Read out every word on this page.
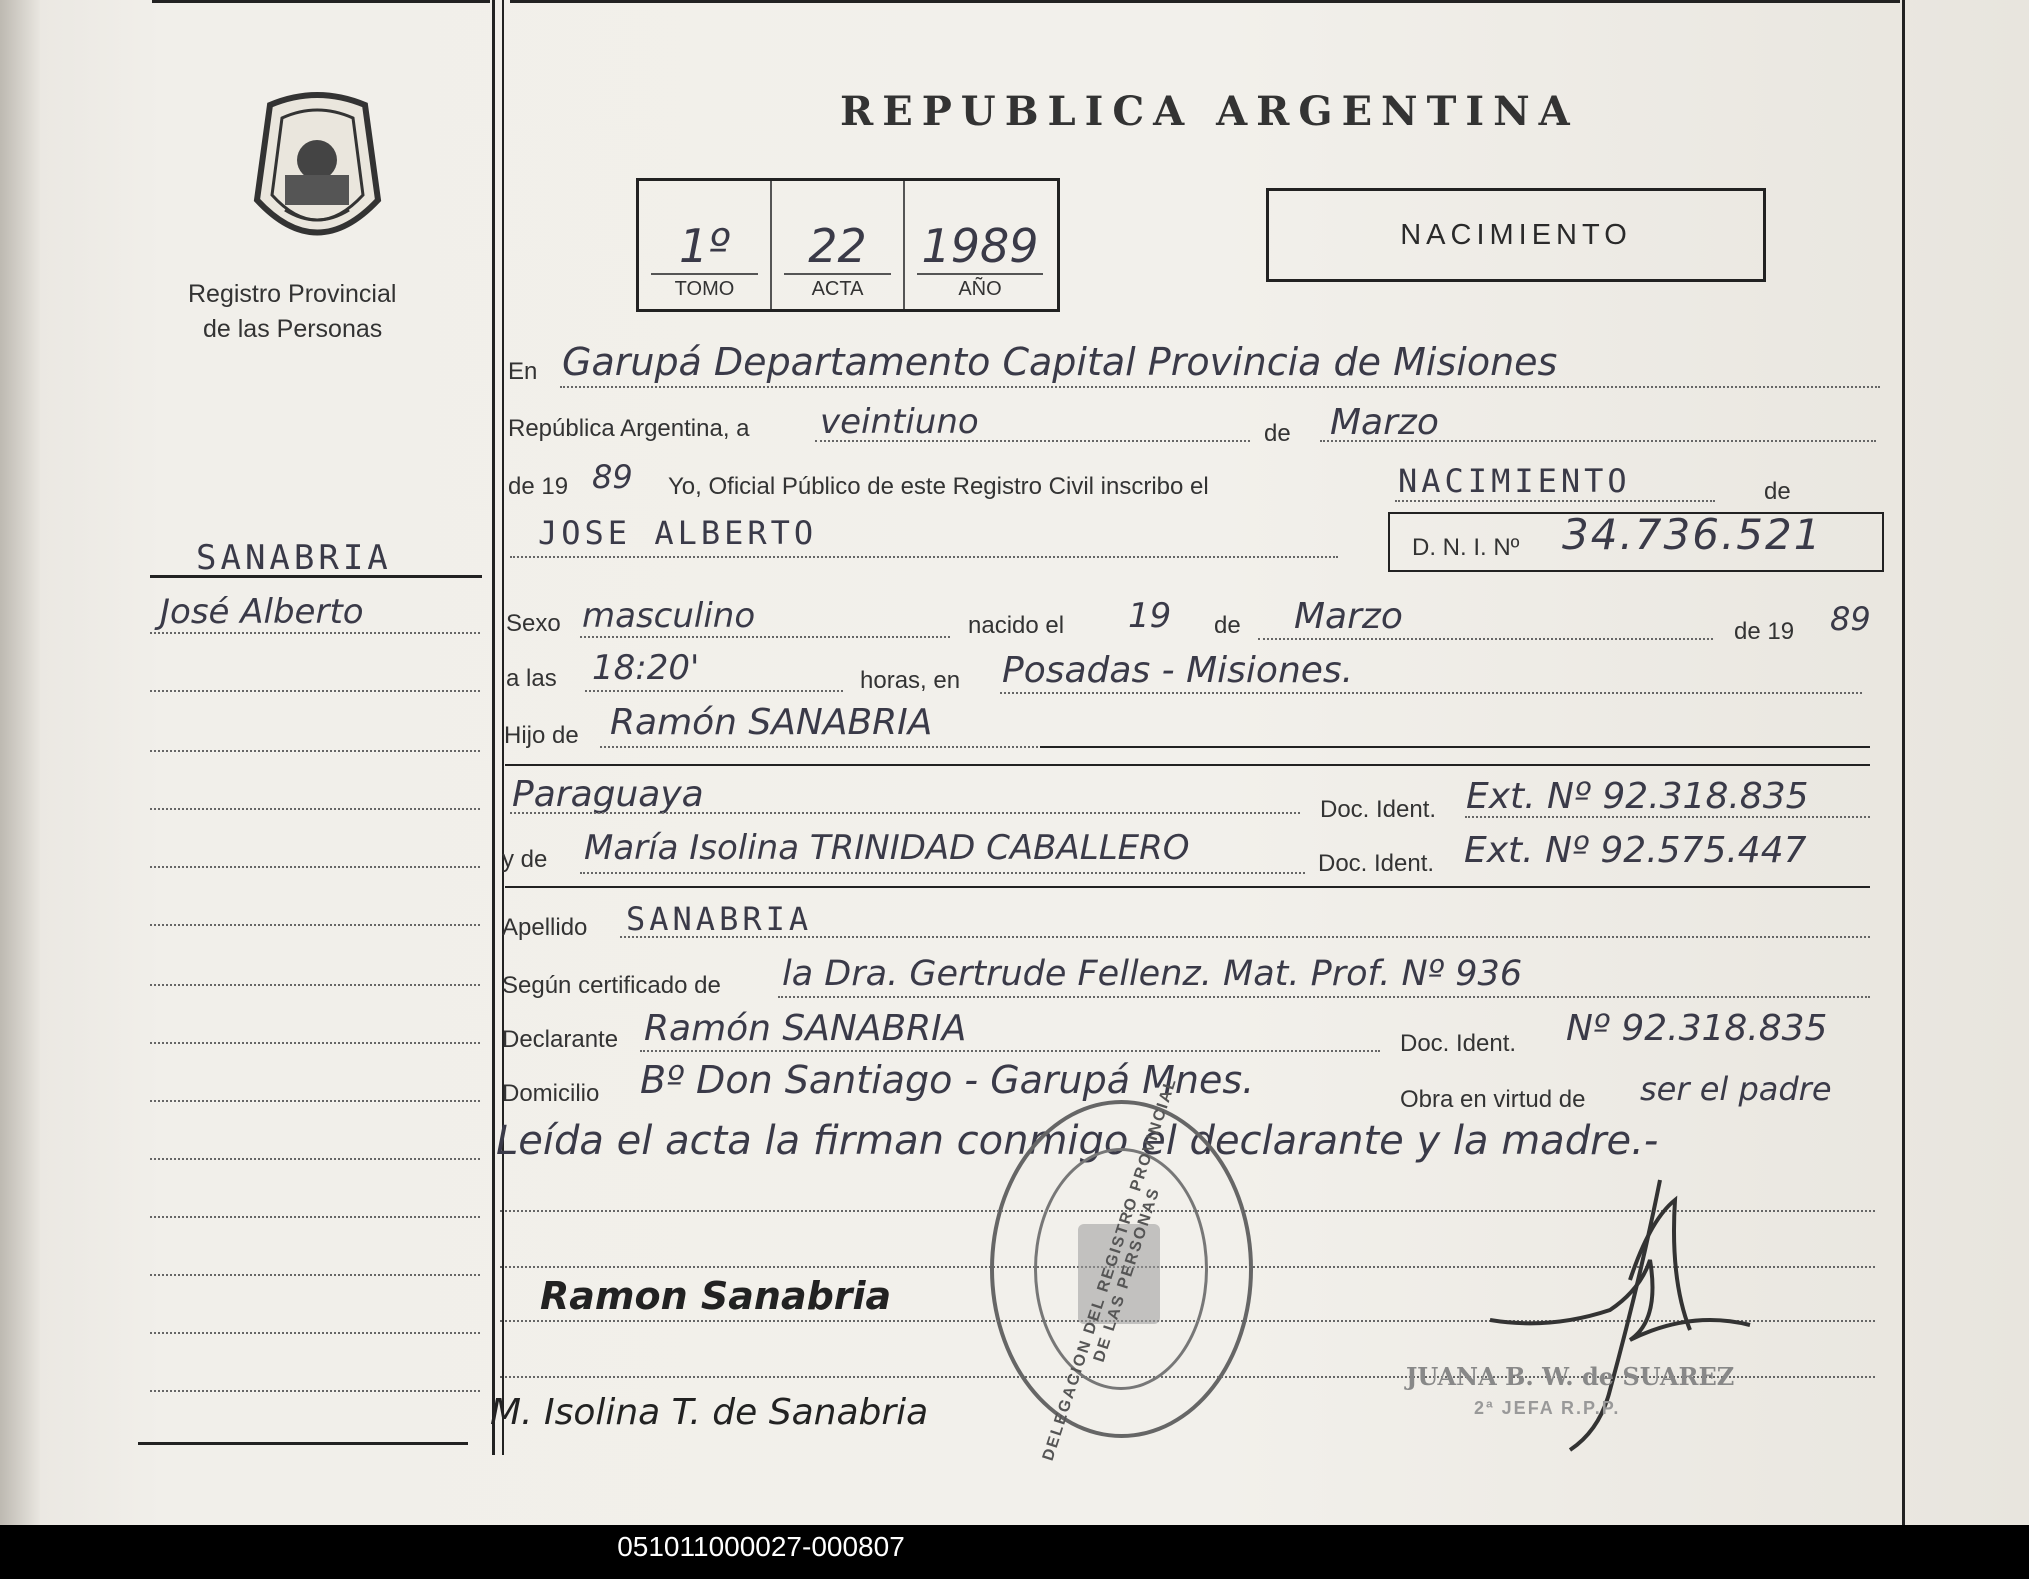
Registro Provincial
de las Personas
REPUBLICA ARGENTINA
1º
TOMO
22
ACTA
1989
AÑO
NACIMIENTO
En Garupá Departamento Capital Provincia de Misiones
República Argentina, a veintiuno	de Marzo
de 19 89 Yo, Oficial Público de este Registro Civil inscribo el	NACIMIENTO	de
JOSE ALBERTO	D. N. I. Nº 34.736.521
Sexo masculino	nacido el 19 de Marzo	de 19 89
a las 18:20'	horas, en Posadas - Misiones.
Hijo de Ramón SANABRIA
Paraguaya	Doc. Ident. Ext. Nº 92.318.835
y de María Isolina TRINIDAD CABALLERO	Doc. Ident. Ext. Nº 92.575.447
Apellido SANABRIA
Según certificado de la Dra. Gertrude Fellenz. Mat. Prof. Nº 936
Declarante Ramón SANABRIA	Doc. Ident. Nº 92.318.835
Domicilio Bº Don Santiago - Garupá Mnes.	Obra en virtud de ser el padre
Leída el acta la firman conmigo el declarante y la madre.-
SANABRIA
José Alberto
Ramon Sanabria
M. Isolina T. de Sanabria	DELEGACION DEL REGISTRO PROVINCIAL DE LAS PERSONAS
JUANA B. W. de SUAREZ
2ª JEFA R.P.P.
051011000027-000807
